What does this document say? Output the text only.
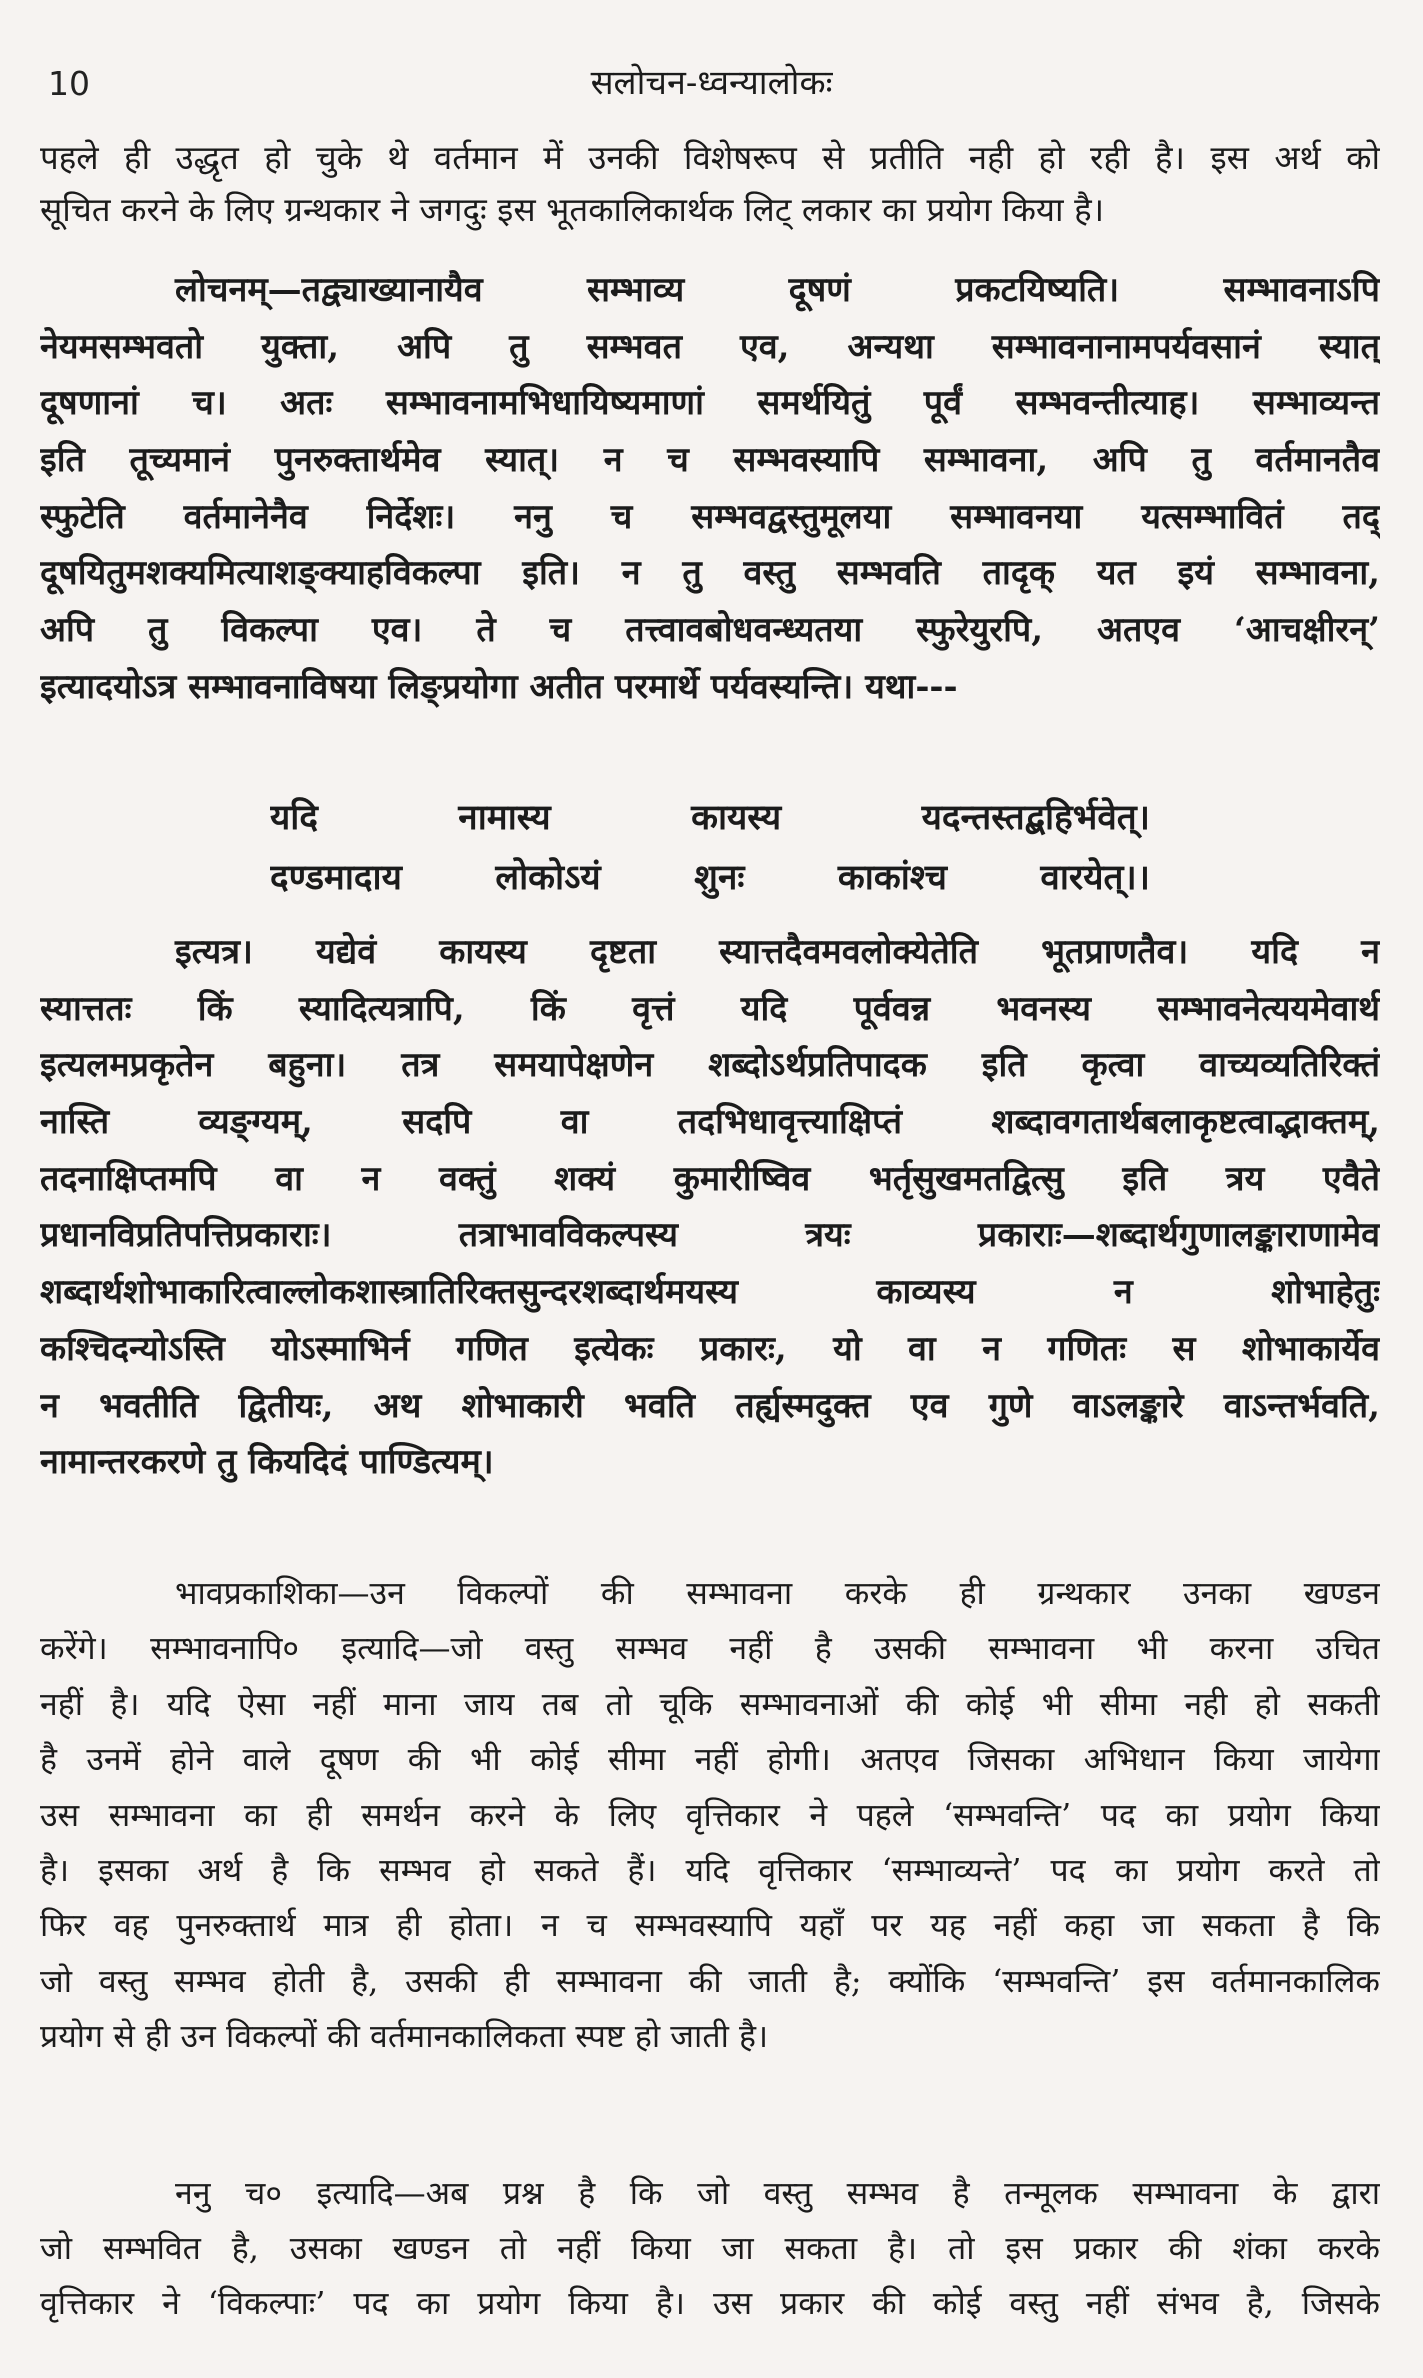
10	सलोचन-ध्वन्यालोकः
पहले ही उद्धृत हो चुके थे वर्तमान में उनकी विशेषरूप से प्रतीति नही हो रही है। इस अर्थ को
सूचित करने के लिए ग्रन्थकार ने जगदुः इस भूतकालिकार्थक लिट् लकार का प्रयोग किया है।
लोचनम्—तद्व्याख्यानायैव सम्भाव्य दूषणं प्रकटयिष्यति। सम्भावनाऽपि
नेयमसम्भवतो युक्ता, अपि तु सम्भवत एव, अन्यथा सम्भावनानामपर्यवसानं स्यात्
दूषणानां च। अतः सम्भावनामभिधायिष्यमाणां समर्थयितुं पूर्वं सम्भवन्तीत्याह। सम्भाव्यन्त
इति तूच्यमानं पुनरुक्तार्थमेव स्यात्। न च सम्भवस्यापि सम्भावना, अपि तु वर्तमानतैव
स्फुटेति वर्तमानेनैव निर्देशः। ननु च सम्भवद्वस्तुमूलया सम्भावनया यत्सम्भावितं तद्
दूषयितुमशक्यमित्याशङ्क्याहविकल्पा इति। न तु वस्तु सम्भवति तादृक् यत इयं सम्भावना,
अपि तु विकल्पा एव। ते च तत्त्वावबोधवन्ध्यतया स्फुरेयुरपि, अतएव ‘आचक्षीरन्’
इत्यादयोऽत्र सम्भावनाविषया लिङ्प्रयोगा अतीत परमार्थे पर्यवस्यन्ति। यथा---
यदि नामास्य कायस्य यदन्तस्तद्बहिर्भवेत्।
दण्डमादाय लोकोऽयं शुनः काकांश्च वारयेत्।।
इत्यत्र। यद्येवं कायस्य दृष्टता स्यात्तदैवमवलोक्येतेति भूतप्राणतैव। यदि न
स्यात्ततः किं स्यादित्यत्रापि, किं वृत्तं यदि पूर्ववन्न भवनस्य सम्भावनेत्ययमेवार्थ
इत्यलमप्रकृतेन बहुना। तत्र समयापेक्षणेन शब्दोऽर्थप्रतिपादक इति कृत्वा वाच्यव्यतिरिक्तं
नास्ति व्यङ्ग्यम्, सदपि वा तदभिधावृत्त्याक्षिप्तं शब्दावगतार्थबलाकृष्टत्वाद्भाक्तम्,
तदनाक्षिप्तमपि वा न वक्तुं शक्यं कुमारीष्विव भर्तृसुखमतद्वित्सु इति त्रय एवैते
प्रधानविप्रतिपत्तिप्रकाराः। तत्राभावविकल्पस्य त्रयः प्रकाराः—शब्दार्थगुणालङ्काराणामेव
शब्दार्थशोभाकारित्वाल्लोकशास्त्रातिरिक्तसुन्दरशब्दार्थमयस्य काव्यस्य न शोभाहेतुः
कश्चिदन्योऽस्ति योऽस्माभिर्न गणित इत्येकः प्रकारः, यो वा न गणितः स शोभाकार्येव
न भवतीति द्वितीयः, अथ शोभाकारी भवति तर्ह्यस्मदुक्त एव गुणे वाऽलङ्कारे वाऽन्तर्भवति,
नामान्तरकरणे तु कियदिदं पाण्डित्यम्।
भावप्रकाशिका—उन विकल्पों की सम्भावना करके ही ग्रन्थकार उनका खण्डन
करेंगे। सम्भावनापि० इत्यादि—जो वस्तु सम्भव नहीं है उसकी सम्भावना भी करना उचित
नहीं है। यदि ऐसा नहीं माना जाय तब तो चूकि सम्भावनाओं की कोई भी सीमा नही हो सकती
है उनमें होने वाले दूषण की भी कोई सीमा नहीं होगी। अतएव जिसका अभिधान किया जायेगा
उस सम्भावना का ही समर्थन करने के लिए वृत्तिकार ने पहले ‘सम्भवन्ति’ पद का प्रयोग किया
है। इसका अर्थ है कि सम्भव हो सकते हैं। यदि वृत्तिकार ‘सम्भाव्यन्ते’ पद का प्रयोग करते तो
फिर वह पुनरुक्तार्थ मात्र ही होता। न च सम्भवस्यापि यहाँ पर यह नहीं कहा जा सकता है कि
जो वस्तु सम्भव होती है, उसकी ही सम्भावना की जाती है; क्योंकि ‘सम्भवन्ति’ इस वर्तमानकालिक
प्रयोग से ही उन विकल्पों की वर्तमानकालिकता स्पष्ट हो जाती है।
ननु च० इत्यादि—अब प्रश्न है कि जो वस्तु सम्भव है तन्मूलक सम्भावना के द्वारा
जो सम्भवित है, उसका खण्डन तो नहीं किया जा सकता है। तो इस प्रकार की शंका करके
वृत्तिकार ने ‘विकल्पाः’ पद का प्रयोग किया है। उस प्रकार की कोई वस्तु नहीं संभव है, जिसके
